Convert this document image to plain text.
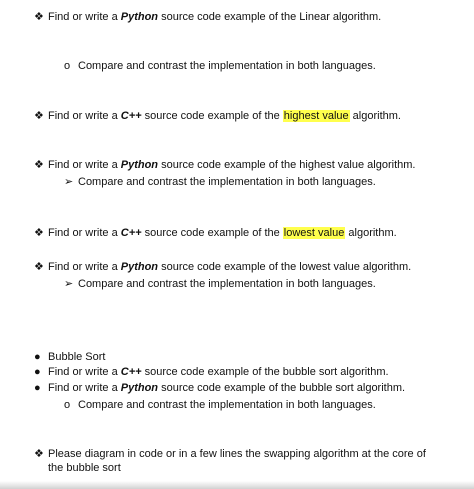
❖ Find or write a Python source code example of the Linear algorithm.
o Compare and contrast the implementation in both languages.
❖ Find or write a C++ source code example of the highest value algorithm.
❖ Find or write a Python source code example of the highest value algorithm.
➢ Compare and contrast the implementation in both languages.
❖ Find or write a C++ source code example of the lowest value algorithm.
❖ Find or write a Python source code example of the lowest value algorithm.
➢ Compare and contrast the implementation in both languages.
● Bubble Sort
● Find or write a C++ source code example of the bubble sort algorithm.
● Find or write a Python source code example of the bubble sort algorithm.
o Compare and contrast the implementation in both languages.
❖ Please diagram in code or in a few lines the swapping algorithm at the core of the bubble sort
